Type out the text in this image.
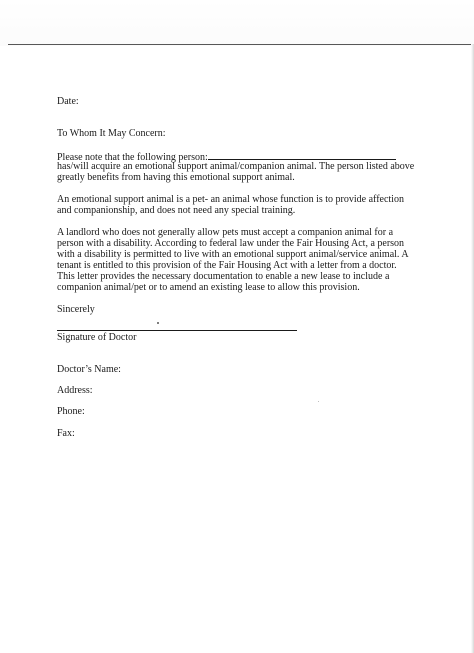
Date:
To Whom It May Concern:
Please note that the following person:
has/will acquire an emotional support animal/companion animal. The person listed above
greatly benefits from having this emotional support animal.
An emotional support animal is a pet- an animal whose function is to provide affection
and companionship, and does not need any special training.
A landlord who does not generally allow pets must accept a companion animal for a
person with a disability. According to federal law under the Fair Housing Act, a person
with a disability is permitted to live with an emotional support animal/service animal. A
tenant is entitled to this provision of the Fair Housing Act with a letter from a doctor.
This letter provides the necessary documentation to enable a new lease to include a
companion animal/pet or to amend an existing lease to allow this provision.
Sincerely
Signature of Doctor
Doctor’s Name:
Address:
Phone:
Fax:
